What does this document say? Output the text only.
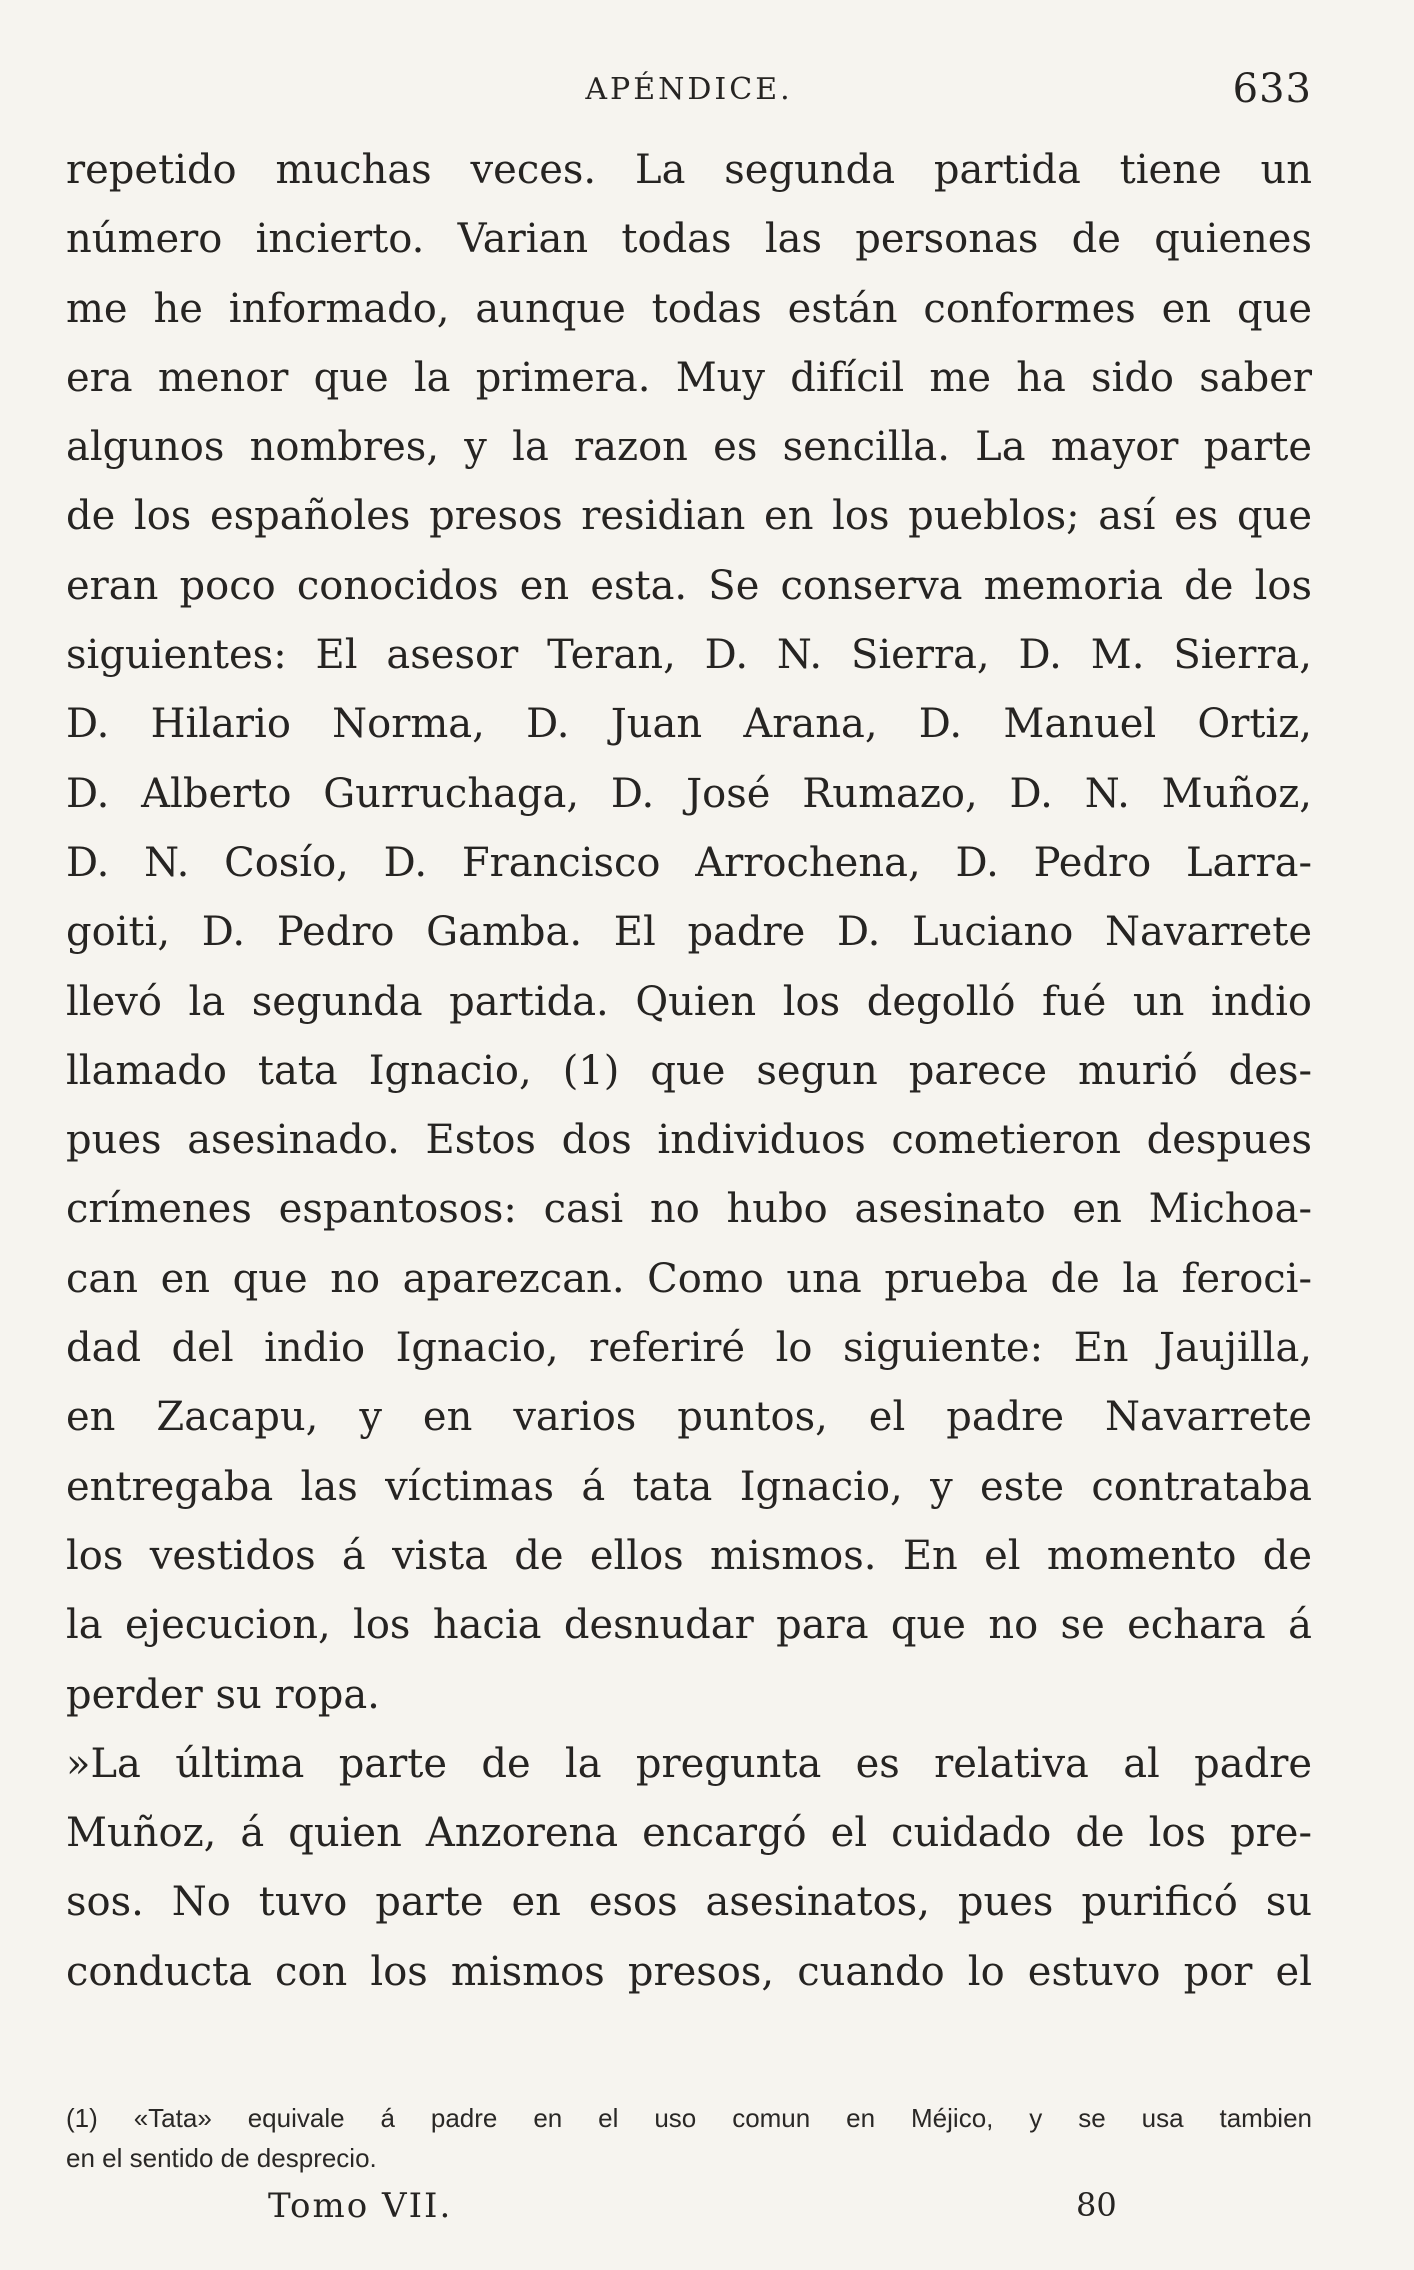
APÉNDICE.	633
repetido muchas veces. La segunda partida tiene un
número incierto. Varian todas las personas de quienes
me he informado, aunque todas están conformes en que
era menor que la primera. Muy difícil me ha sido saber
algunos nombres, y la razon es sencilla. La mayor parte
de los españoles presos residian en los pueblos; así es que
eran poco conocidos en esta. Se conserva memoria de los
siguientes: El asesor Teran, D. N. Sierra, D. M. Sierra,
D. Hilario Norma, D. Juan Arana, D. Manuel Ortiz,
D. Alberto Gurruchaga, D. José Rumazo, D. N. Muñoz,
D. N. Cosío, D. Francisco Arrochena, D. Pedro Larra-
goiti, D. Pedro Gamba. El padre D. Luciano Navarrete
llevó la segunda partida. Quien los degolló fué un indio
llamado tata Ignacio, (1) que segun parece murió des-
pues asesinado. Estos dos individuos cometieron despues
crímenes espantosos: casi no hubo asesinato en Michoa-
can en que no aparezcan. Como una prueba de la feroci-
dad del indio Ignacio, referiré lo siguiente: En Jaujilla,
en Zacapu, y en varios puntos, el padre Navarrete
entregaba las víctimas á tata Ignacio, y este contrataba
los vestidos á vista de ellos mismos. En el momento de
la ejecucion, los hacia desnudar para que no se echara á
perder su ropa.
»La última parte de la pregunta es relativa al padre
Muñoz, á quien Anzorena encargó el cuidado de los pre-
sos. No tuvo parte en esos asesinatos, pues purificó su
conducta con los mismos presos, cuando lo estuvo por el
(1) «Tata» equivale á padre en el uso comun en Méjico, y se usa tambien
en el sentido de desprecio.
Tomo VII.	80
